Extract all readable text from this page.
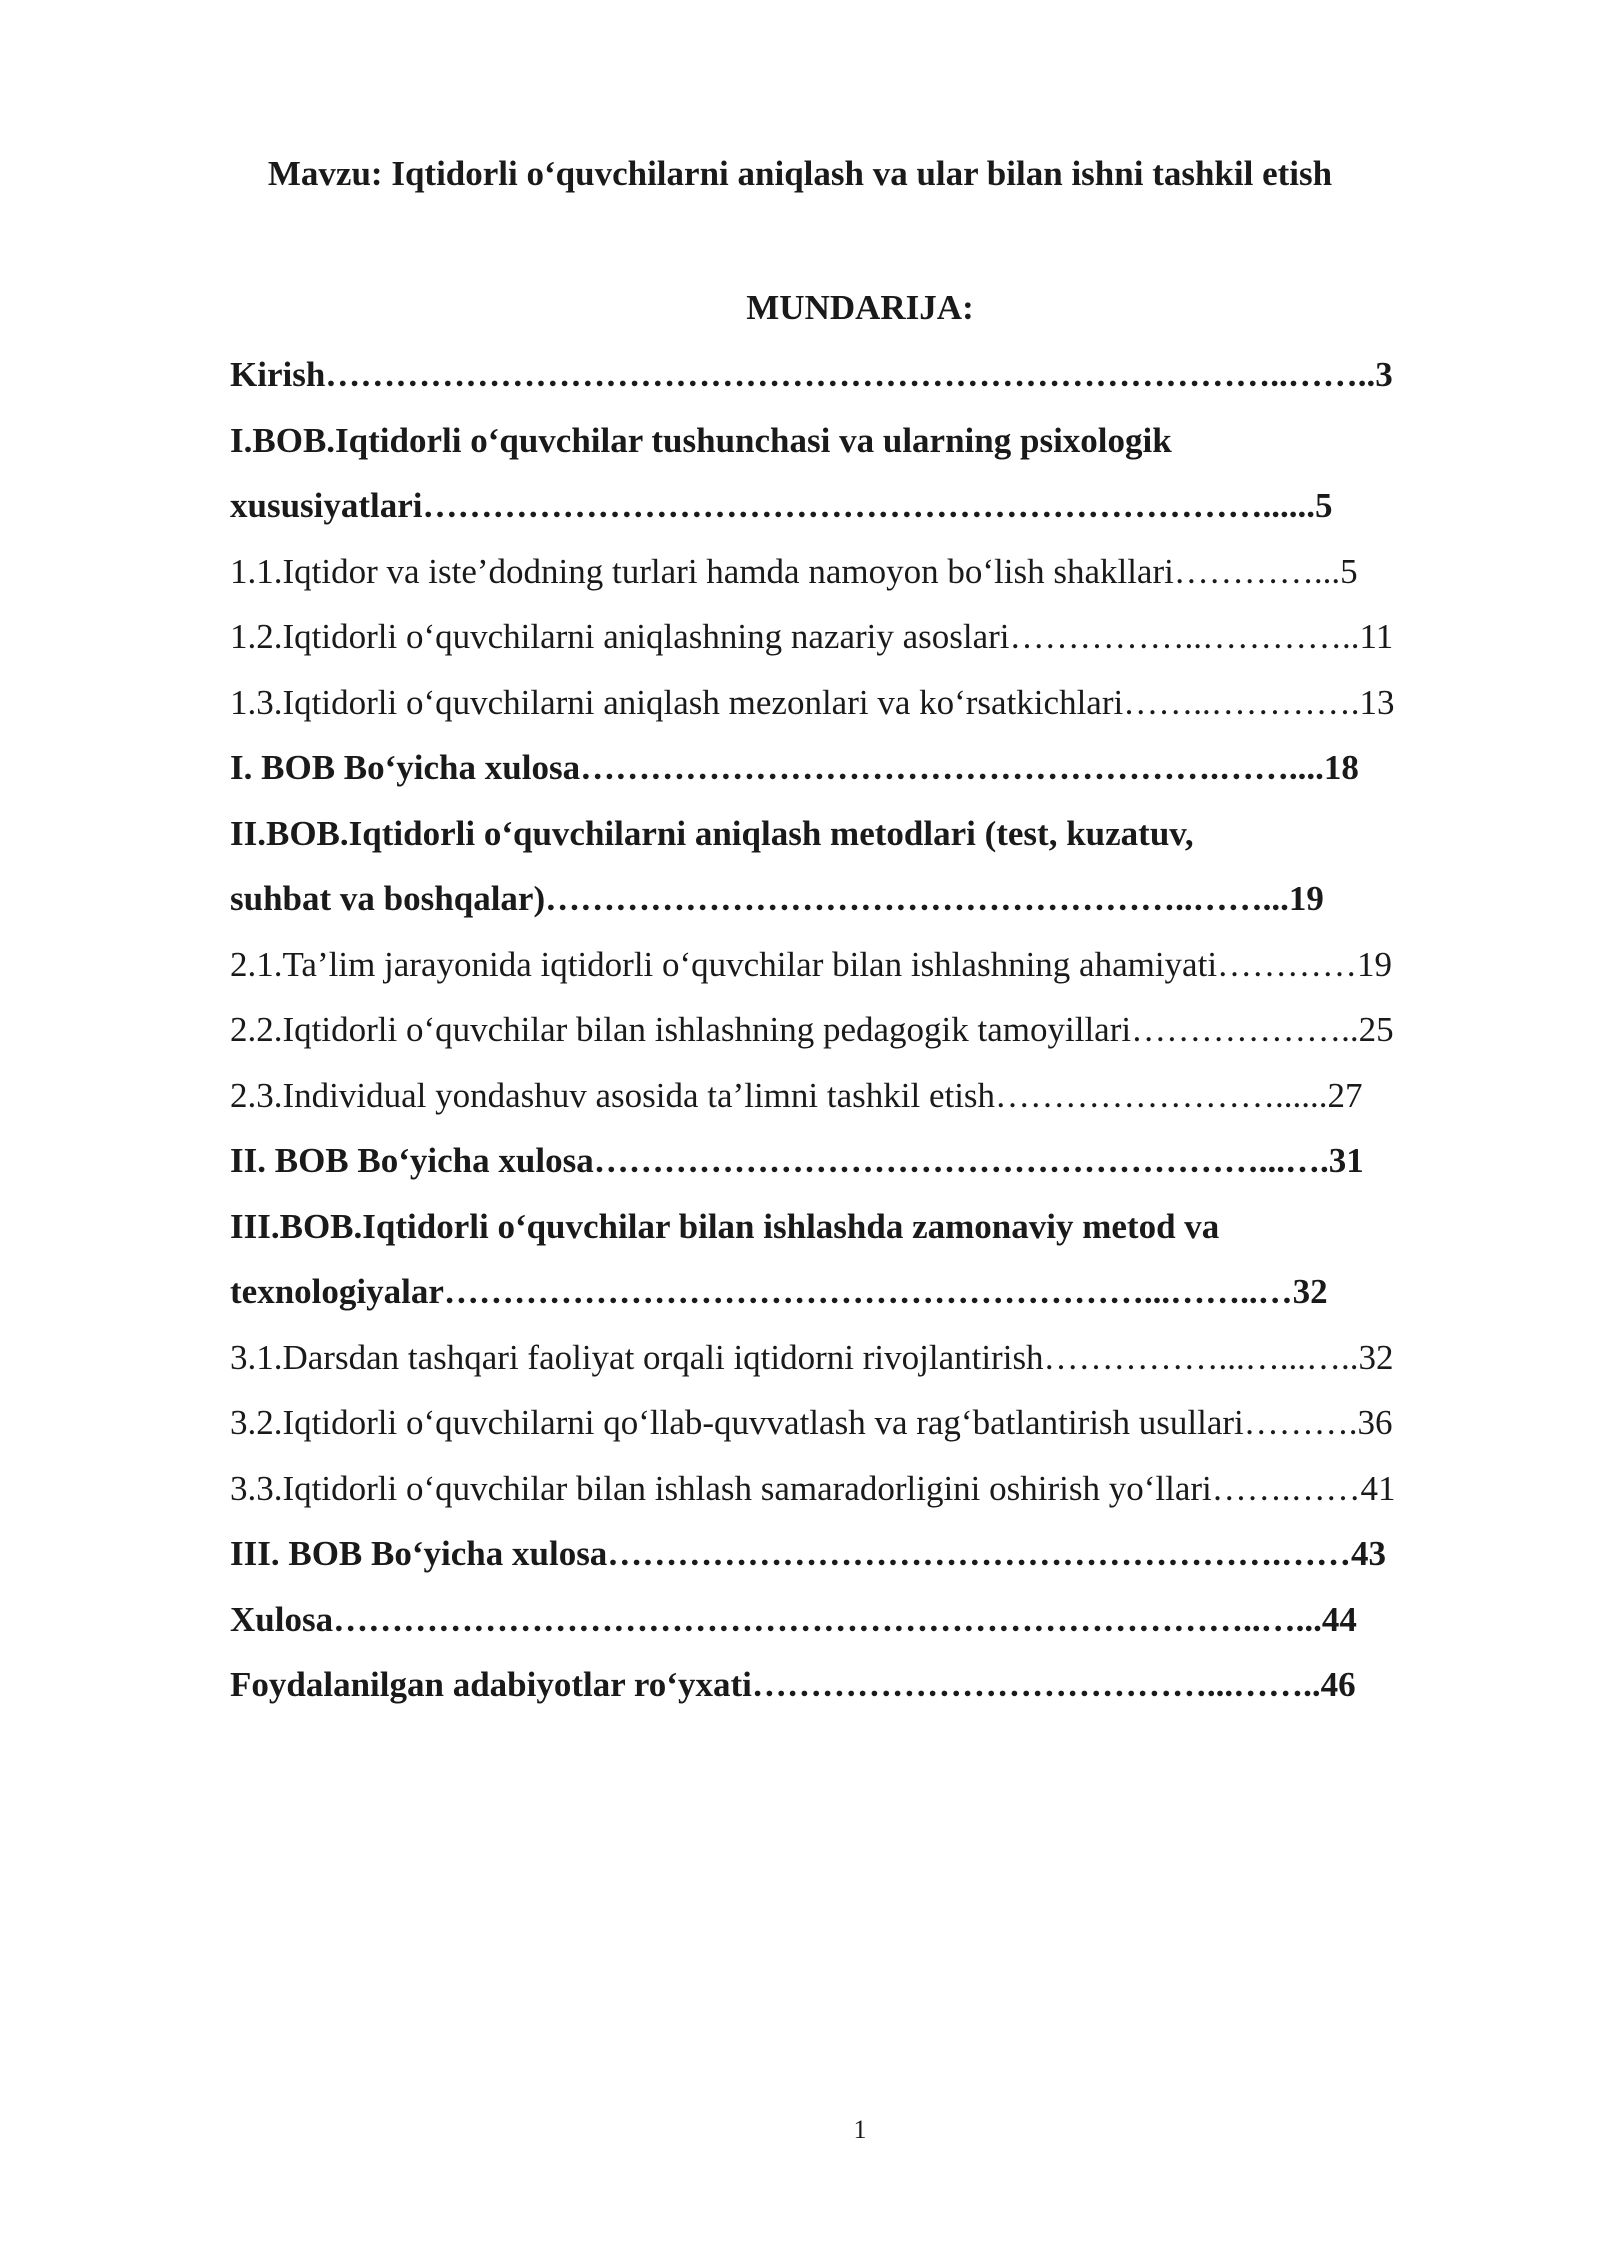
Mavzu: Iqtidorli o‘quvchilarni aniqlash va ular bilan ishni tashkil etish
MUNDARIJA:
Kirish………………………………………………………………………..……..3
I.BOB.Iqtidorli o‘quvchilar tushunchasi va ularning psixologik
xususiyatlari………………………………………………………………......5
1.1.Iqtidor va iste’dodning turlari hamda namoyon bo‘lish shakllari…………...5
1.2.Iqtidorli o‘quvchilarni aniqlashning nazariy asoslari……………..…………..11
1.3.Iqtidorli o‘quvchilarni aniqlash mezonlari va ko‘rsatkichlari……..………….13
I. BOB Bo‘yicha xulosa……………………………………………….……....18
II.BOB.Iqtidorli o‘quvchilarni aniqlash metodlari (test, kuzatuv,
suhbat va boshqalar)………………………………………………..……...19
2.1.Ta’lim jarayonida iqtidorli o‘quvchilar bilan ishlashning ahamiyati…………19
2.2.Iqtidorli o‘quvchilar bilan ishlashning pedagogik tamoyillari………………..25
2.3.Individual yondashuv asosida ta’limni tashkil etish……………………......27
II. BOB Bo‘yicha xulosa…………………………………………………...….31
III.BOB.Iqtidorli o‘quvchilar bilan ishlashda zamonaviy metod va
texnologiyalar……………………………………………………...……..…32
3.1.Darsdan tashqari faoliyat orqali iqtidorni rivojlantirish……………...…...…..32
3.2.Iqtidorli o‘quvchilarni qo‘llab-quvvatlash va rag‘batlantirish usullari……….36
3.3.Iqtidorli o‘quvchilar bilan ishlash samaradorligini oshirish yo‘llari…….……41
III. BOB Bo‘yicha xulosa………………………………………………….……43
Xulosa……………………………………………………………………..…...44
Foydalanilgan adabiyotlar ro‘yxati…………………………………...……..46

1
